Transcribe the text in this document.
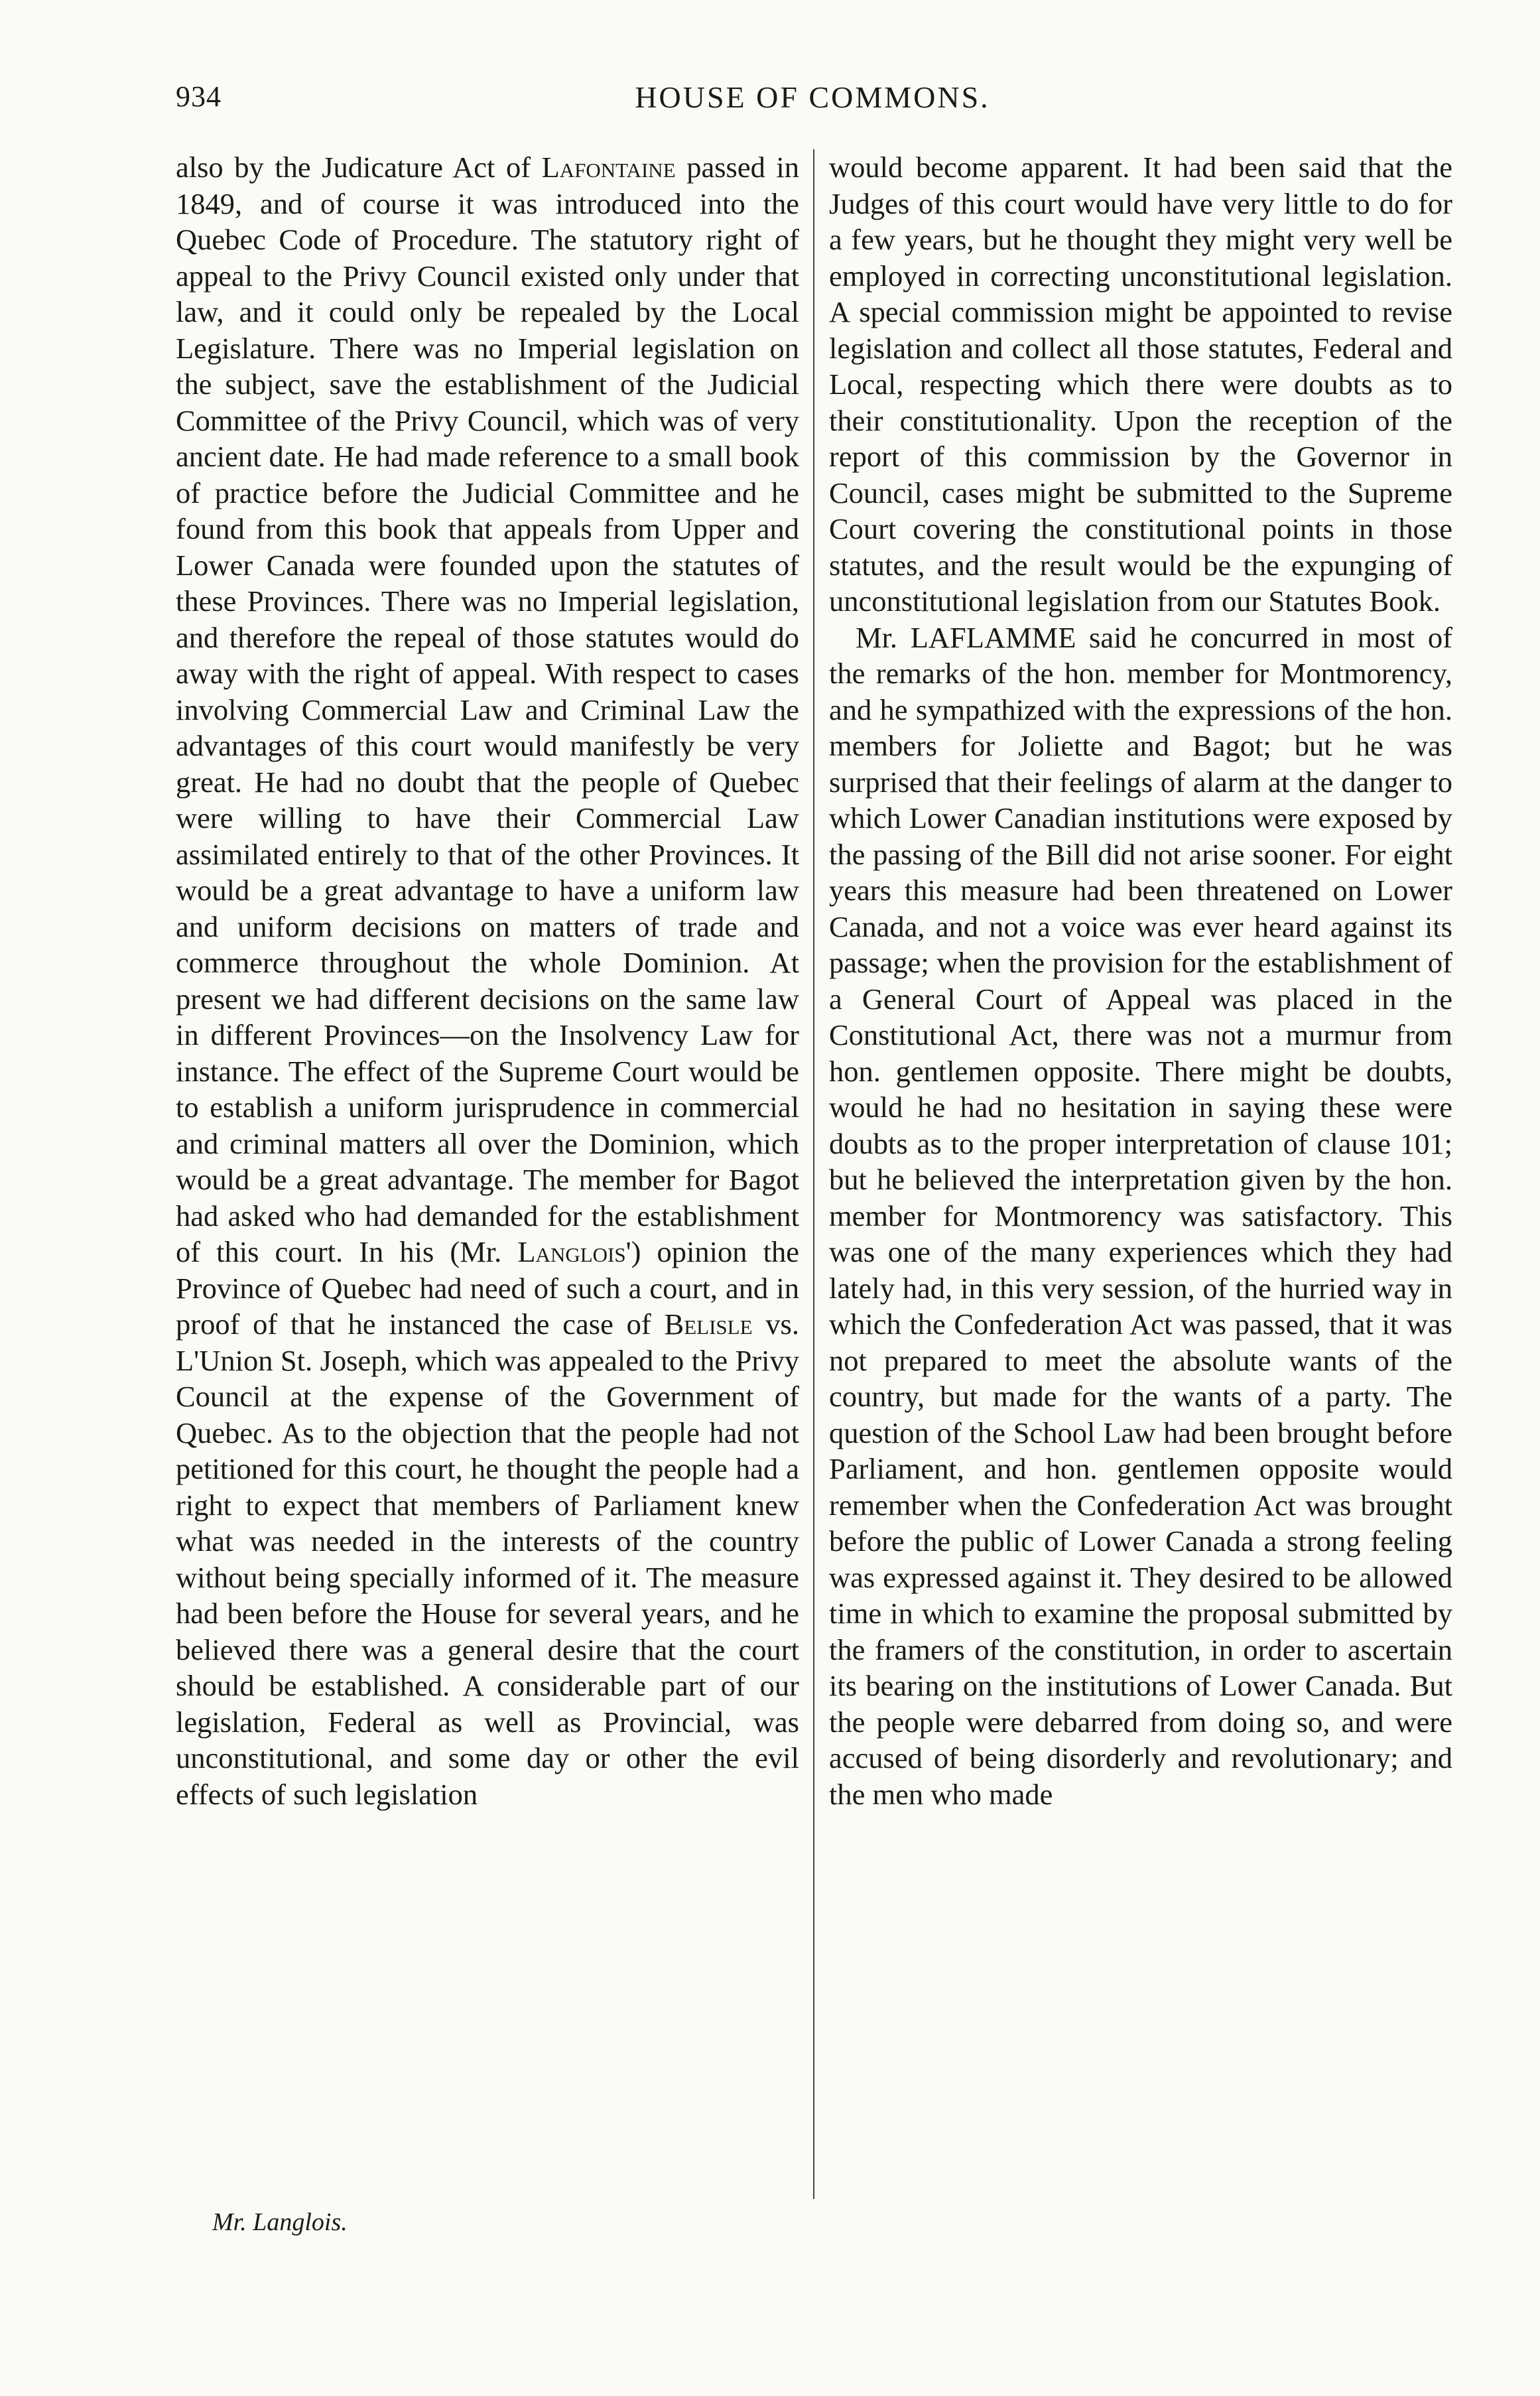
934	HOUSE OF COMMONS.

also by the Judicature Act of Lafontaine passed in 1849, and of course it was introduced into the Quebec Code of Procedure. The statutory right of appeal to the Privy Council existed only under that law, and it could only be repealed by the Local Legislature. There was no Imperial legislation on the subject, save the establishment of the Judicial Committee of the Privy Council, which was of very ancient date. He had made reference to a small book of practice before the Judicial Committee and he found from this book that appeals from Upper and Lower Canada were founded upon the statutes of these Provinces. There was no Imperial legislation, and therefore the repeal of those statutes would do away with the right of appeal. With respect to cases involving Commercial Law and Criminal Law the advantages of this court would manifestly be very great. He had no doubt that the people of Quebec were willing to have their Commercial Law assimilated entirely to that of the other Provinces. It would be a great advantage to have a uniform law and uniform decisions on matters of trade and commerce throughout the whole Dominion. At present we had different decisions on the same law in different Provinces—on the Insolvency Law for instance. The effect of the Supreme Court would be to establish a uniform jurisprudence in commercial and criminal matters all over the Dominion, which would be a great advantage. The member for Bagot had asked who had demanded for the establishment of this court. In his (Mr. Langlois') opinion the Province of Quebec had need of such a court, and in proof of that he instanced the case of Belisle vs. L'Union St. Joseph, which was appealed to the Privy Council at the expense of the Government of Quebec. As to the objection that the people had not petitioned for this court, he thought the people had a right to expect that members of Parliament knew what was needed in the interests of the country without being specially informed of it. The measure had been before the House for several years, and he believed there was a general desire that the court should be established. A considerable part of our legislation, Federal as well as Provincial, was unconstitutional, and some day or other the evil effects of such legislation

would become apparent. It had been said that the Judges of this court would have very little to do for a few years, but he thought they might very well be employed in correcting unconstitutional legislation. A special commission might be appointed to revise legislation and collect all those statutes, Federal and Local, respecting which there were doubts as to their constitutionality. Upon the reception of the report of this commission by the Governor in Council, cases might be submitted to the Supreme Court covering the constitutional points in those statutes, and the result would be the expunging of unconstitutional legislation from our Statutes Book.

Mr. LAFLAMME said he concurred in most of the remarks of the hon. member for Montmorency, and he sympathized with the expressions of the hon. members for Joliette and Bagot; but he was surprised that their feelings of alarm at the danger to which Lower Canadian institutions were exposed by the passing of the Bill did not arise sooner. For eight years this measure had been threatened on Lower Canada, and not a voice was ever heard against its passage; when the provision for the establishment of a General Court of Appeal was placed in the Constitutional Act, there was not a murmur from hon. gentlemen opposite. There might be doubts, would he had no hesitation in saying these were doubts as to the proper interpretation of clause 101; but he believed the interpretation given by the hon. member for Montmorency was satisfactory. This was one of the many experiences which they had lately had, in this very session, of the hurried way in which the Confederation Act was passed, that it was not prepared to meet the absolute wants of the country, but made for the wants of a party. The question of the School Law had been brought before Parliament, and hon. gentlemen opposite would remember when the Confederation Act was brought before the public of Lower Canada a strong feeling was expressed against it. They desired to be allowed time in which to examine the proposal submitted by the framers of the constitution, in order to ascertain its bearing on the institutions of Lower Canada. But the people were debarred from doing so, and were accused of being disorderly and revolutionary; and the men who made

Mr. Langlois.
